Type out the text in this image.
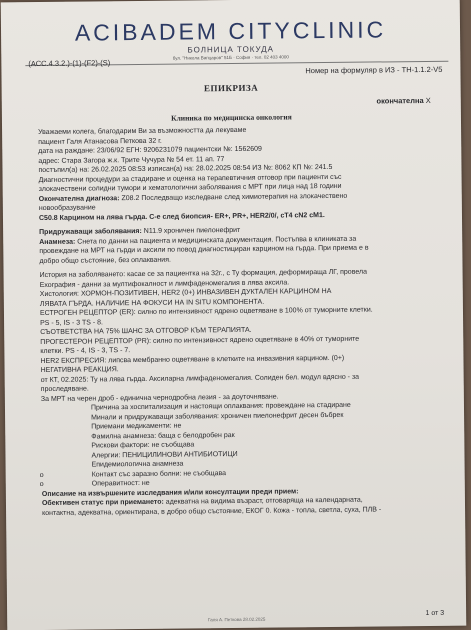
ACIBADEM CITYCLINIC
БОЛНИЦА ТОКУДА
бул. "Никола Вапцаров" 51Б · София · тел. 02 403 4000
(АСС.4.3.2.)-(1)-(F2)-(S)
Номер на формуляр в ИЗ - ТН-1.1.2-V5
ЕПИКРИЗА
окончателна X
Клиника по медицинска онкология
Уважаеми колега, благодарим Ви за възможността да лекуваме
пациент Галя Атанасова Петкова 32 г.
дата на раждане: 23/06/92 ЕГН: 9206231079 пациентски №: 1562609
адрес: Стара Загора ж.к. Трите Чучура № 54 ет. 11 ап. 77
постъпил(а) на: 26.02.2025 08:53 изписан(а) на: 28.02.2025 08:54 ИЗ №: 8062 КП №: 241.5
Диагностични процедури за стадиране и оценка на терапевтичния отговор при пациенти със
злокачествени солидни тумори и хематологични заболявания с МРТ при лица над 18 години
Окончателна диагноза: Z08.2 Последващо изследване след химиотерапия на злокачествено
новообразувание
С50.8 Карцином на лява гърда. С-е след биопсия- ER+, PR+, HER2/0/, сТ4 сN2 сМ1.
Придружаващи заболявания: N11.9 хроничен пиелонефрит
Анамнеза: Снета по данни на пациента и медицинската документация. Постъпва в клиниката за
провеждане на МРТ на гърди и аксили по повод диагностициран карцином на гърда. При приема е в
добро общо състояние, без оплаквания.
История на заболяването: касае се за пациентка на 32г., с Ту формация, деформираща ЛГ, провела
Ехография - данни за мултифокалност и лимфаденомегалия в лява аксила.
Хистология: ХОРМОН-ПОЗИТИВЕН, HER2 (0+) ИНВАЗИВЕН ДУКТАЛЕН КАРЦИНОМ НА
ЛЯВАТА ГЪРДА. НАЛИЧИЕ НА ФОКУСИ НА IN SITU КОМПОНЕНТА.
ЕСТРОГЕН РЕЦЕПТОР (ER): силно по интензивност ядрено оцветяване в 100% от туморните клетки.
PS - 5, IS - 3 TS - 8.
СЪОТВЕТСТВА НА 75% ШАНС ЗА ОТГОВОР КЪМ ТЕРАПИЯТА.
ПРОГЕСТЕРОН РЕЦЕПТОР (PR): силно по интензивност ядрено оцветяване в 40% от туморните
клетки. PS - 4, IS - 3, TS - 7.
HER2 ЕКСПРЕСИЯ: липсва мембранно оцветяване в клетките на инвазивния карцином. (0+)
НЕГАТИВНА РЕАКЦИЯ.
от КТ, 02.2025: Ту на лява гърда. Аксиларна лимфаденомегалия. Солиден бел. модул вдясно - за
проследяване.
За МРТ на черен дроб - единична чернодробна лезия - за доуточняване.
Причина за хоспитализация и настоящи оплаквания: провеждане на стадиране
Минали и придружаващи заболявания: хроничен пиелонефрит десен бъбрек
Приемани медикаменти: не
Фамилна анамнеза: баща с белодробен рак
Рискови фактори: не съобщава
Алергии: ПЕНИЦИЛИНОВИ АНТИБИОТИЦИ
Епидемиологична анамнеза
o	Контакт със заразно болни: не съобщава
o	Операвитност: не
Описание на извършените изследвания и/или консултации преди прием:
Обективен статус при приемането: адекватна на видима възраст, отговаряща на календарната,
контактна, адекватна, ориентирана, в добро общо състояние, ЕКОГ 0. Кожа - топла, светла, суха, ПЛВ -
Галя А. Петкова 28.02.2025
1 от 3
